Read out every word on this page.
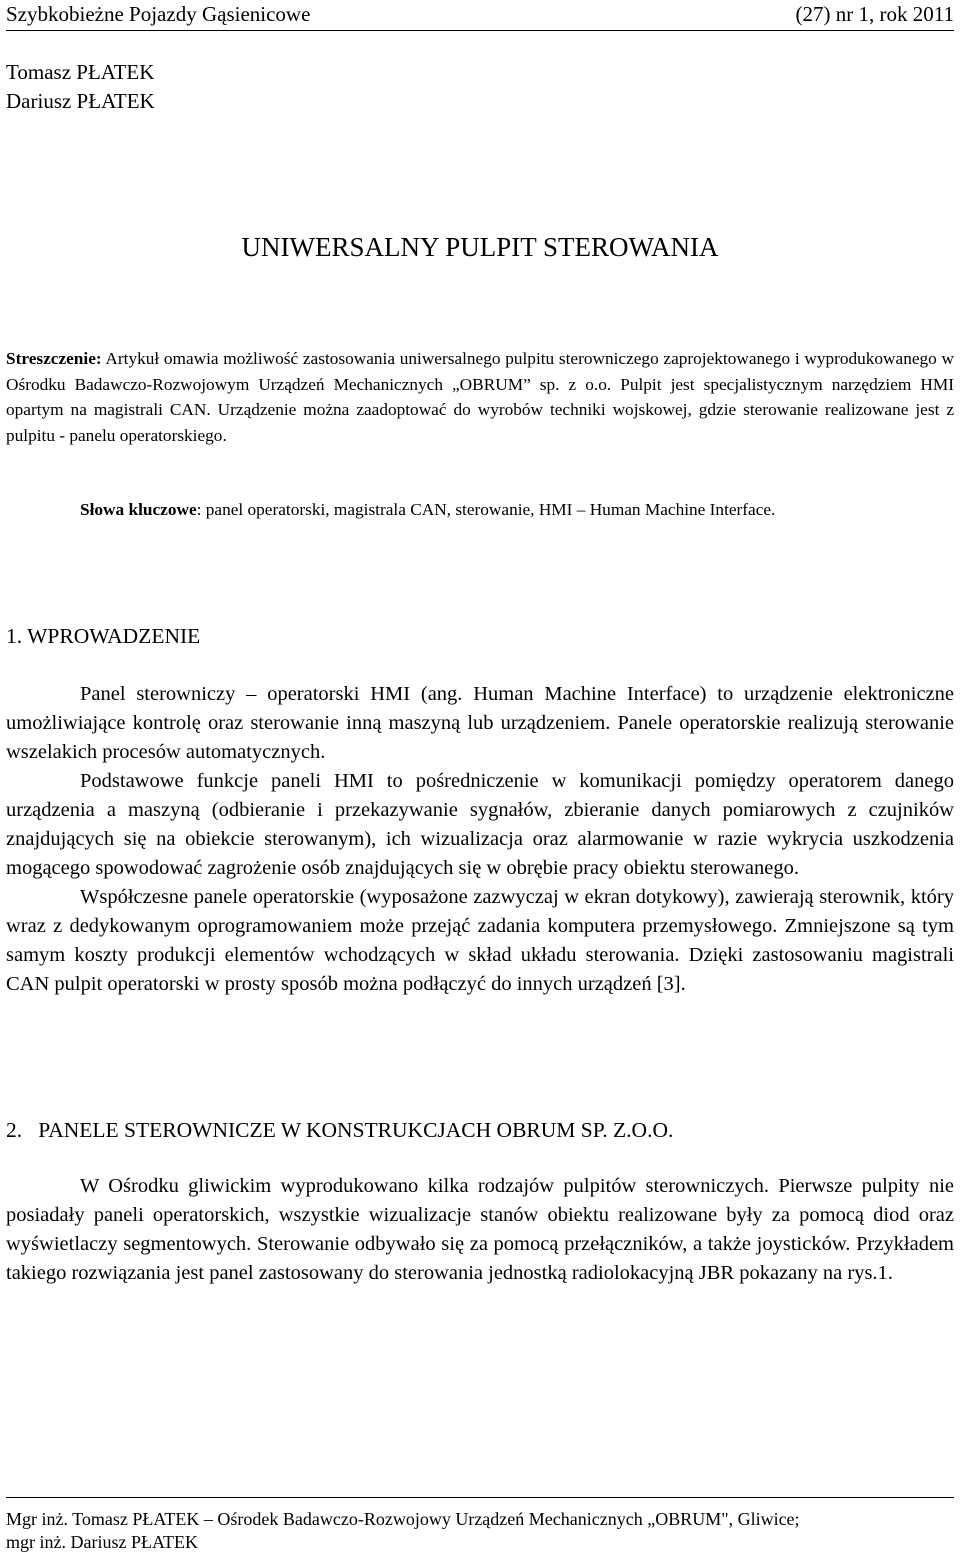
Szybkobieżne Pojazdy Gąsienicowe	(27) nr 1, rok 2011
Tomasz PŁATEK
Dariusz PŁATEK
UNIWERSALNY PULPIT STEROWANIA
Streszczenie: Artykuł omawia możliwość zastosowania uniwersalnego pulpitu sterowniczego zaprojektowanego i wyprodukowanego w Ośrodku Badawczo-Rozwojowym Urządzeń Mechanicznych „OBRUM” sp. z o.o. Pulpit jest specjalistycznym narzędziem HMI opartym na magistrali CAN. Urządzenie można zaadoptować do wyrobów techniki wojskowej, gdzie sterowanie realizowane jest z pulpitu - panelu operatorskiego.
Słowa kluczowe: panel operatorski, magistrala CAN, sterowanie, HMI – Human Machine Interface.
1. WPROWADZENIE

Panel sterowniczy – operatorski HMI (ang. Human Machine Interface) to urządzenie elektroniczne umożliwiające kontrolę oraz sterowanie inną maszyną lub urządzeniem. Panele operatorskie realizują sterowanie wszelakich procesów automatycznych.

Podstawowe funkcje paneli HMI to pośredniczenie w komunikacji pomiędzy operatorem danego urządzenia a maszyną (odbieranie i przekazywanie sygnałów, zbieranie danych pomiarowych z czujników znajdujących się na obiekcie sterowanym), ich wizualizacja oraz alarmowanie w razie wykrycia uszkodzenia mogącego spowodować zagrożenie osób znajdujących się w obrębie pracy obiektu sterowanego.

Współczesne panele operatorskie (wyposażone zazwyczaj w ekran dotykowy), zawierają sterownik, który wraz z dedykowanym oprogramowaniem może przejąć zadania komputera przemysłowego. Zmniejszone są tym samym koszty produkcji elementów wchodzących w skład układu sterowania. Dzięki zastosowaniu magistrali CAN pulpit operatorski w prosty sposób można podłączyć do innych urządzeń [3].

2.   PANELE STEROWNICZE W KONSTRUKCJACH OBRUM SP. Z.O.O.

W Ośrodku gliwickim wyprodukowano kilka rodzajów pulpitów sterowniczych. Pierwsze pulpity nie posiadały paneli operatorskich, wszystkie wizualizacje stanów obiektu realizowane były za pomocą diod oraz wyświetlaczy segmentowych. Sterowanie odbywało się za pomocą przełączników, a także joysticków. Przykładem takiego rozwiązania jest panel zastosowany do sterowania jednostką radiolokacyjną JBR pokazany na rys.1.

Mgr inż. Tomasz PŁATEK – Ośrodek Badawczo-Rozwojowy Urządzeń Mechanicznych „OBRUM", Gliwice;
mgr inż. Dariusz PŁATEK
